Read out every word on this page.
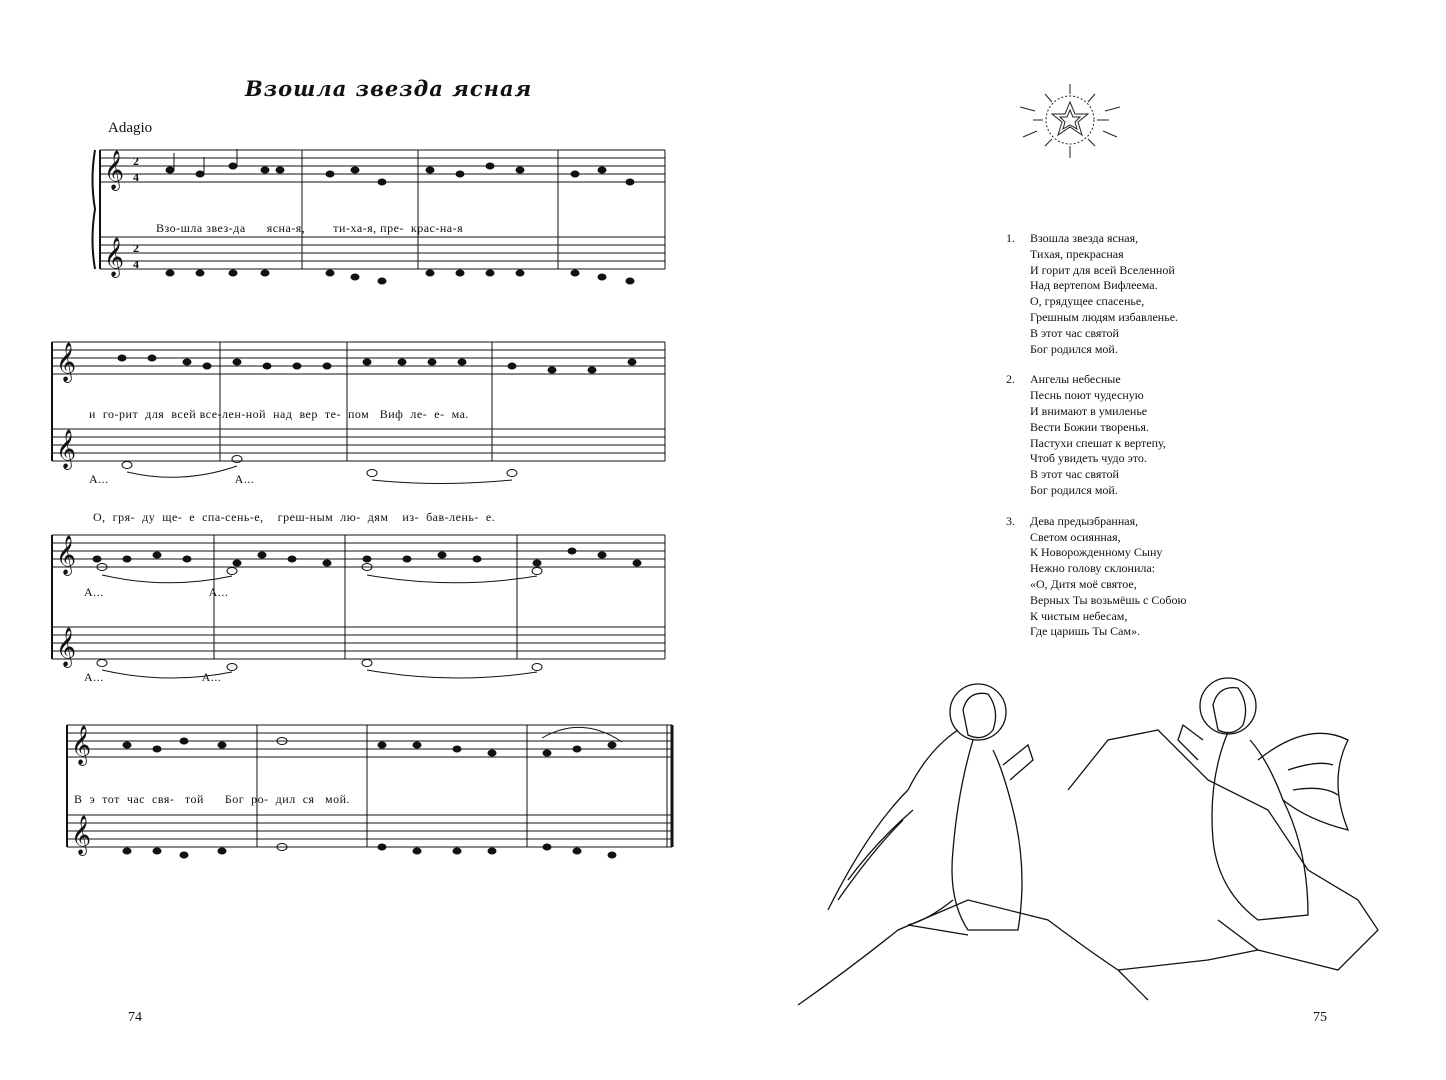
Взошла звезда ясная
Adagio
𝄞
𝄞
2
4
2
4
Взо-шла звез-да      ясна-я,        ти-ха-я, пре-  крас-на-я
𝄞
𝄞
и  го-рит  для  всей все-лен-ной  над  вер  те-  пом   Виф  ле-  е-  ма.
А...                                    А...
О,  гря-  ду  ще-  е  спа-сень-е,    греш-ным  лю-  дям    из-  бав-лень-  е.
𝄞
𝄞
А...                              А...
А...                            А...
𝄞
𝄞
В  э  тот  час  свя-   той      Бог  ро-  дил  ся   мой.
74
1. Взошла звезда ясная,
Тихая, прекрасная
И горит для всей Вселенной
Над вертепом Вифлеема.
О, грядущее спасенье,
Грешным людям избавленье.
В этот час святой
Бог родился мой.
2. Ангелы небесные
Песнь поют чудесную
И внимают в умиленье
Вести Божии творенья.
Пастухи спешат к вертепу,
Чтоб увидеть чудо это.
В этот час святой
Бог родился мой.
3. Дева предызбранная,
Светом осиянная,
К Новорожденному Сыну
Нежно голову склонила:
«О, Дитя моё святое,
Верных Ты возьмёшь с Собою
К чистым небесам,
Где царишь Ты Сам».
75
